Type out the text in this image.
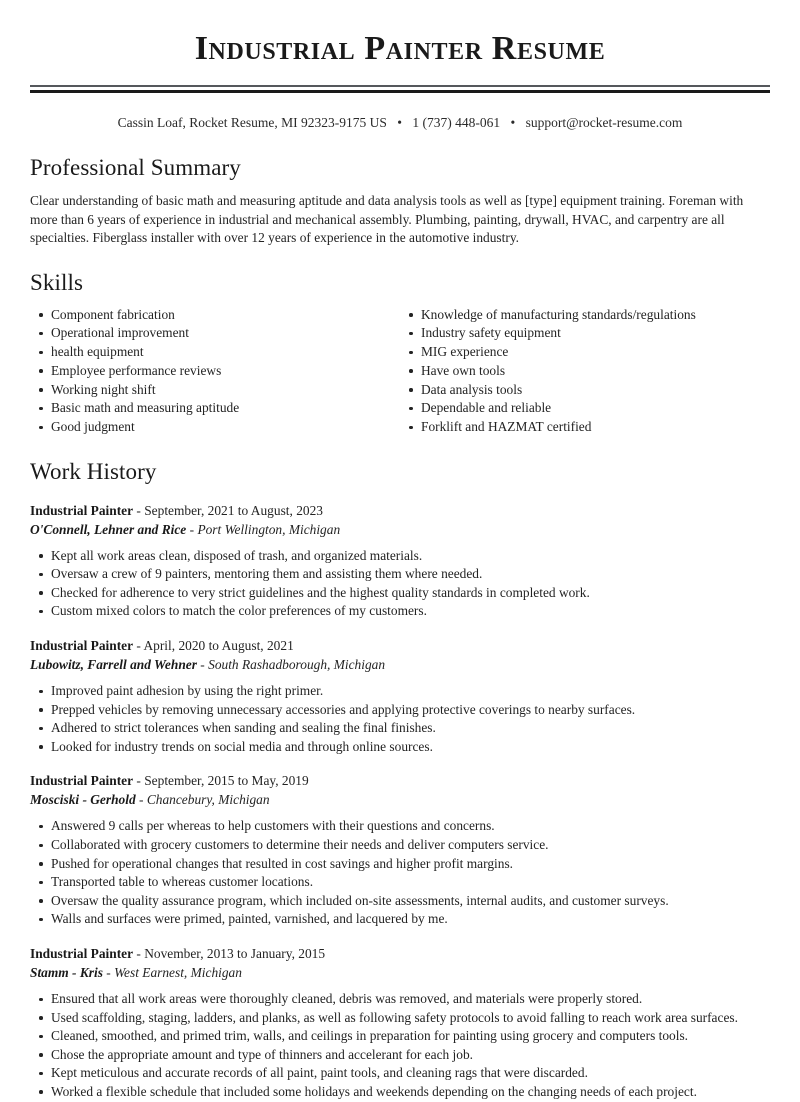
Industrial Painter Resume
Cassin Loaf, Rocket Resume, MI 92323-9175 US • 1 (737) 448-061 • support@rocket-resume.com
Professional Summary

Clear understanding of basic math and measuring aptitude and data analysis tools as well as [type] equipment training. Foreman with more than 6 years of experience in industrial and mechanical assembly. Plumbing, painting, drywall, HVAC, and carpentry are all specialties. Fiberglass installer with over 12 years of experience in the automotive industry.

Skills
Component fabrication
Operational improvement
health equipment
Employee performance reviews
Working night shift
Basic math and measuring aptitude
Good judgment
Knowledge of manufacturing standards/regulations
Industry safety equipment
MIG experience
Have own tools
Data analysis tools
Dependable and reliable
Forklift and HAZMAT certified
Work History
Industrial Painter - September, 2021 to August, 2023
O'Connell, Lehner and Rice - Port Wellington, Michigan
Kept all work areas clean, disposed of trash, and organized materials.
Oversaw a crew of 9 painters, mentoring them and assisting them where needed.
Checked for adherence to very strict guidelines and the highest quality standards in completed work.
Custom mixed colors to match the color preferences of my customers.
Industrial Painter - April, 2020 to August, 2021
Lubowitz, Farrell and Wehner - South Rashadborough, Michigan
Improved paint adhesion by using the right primer.
Prepped vehicles by removing unnecessary accessories and applying protective coverings to nearby surfaces.
Adhered to strict tolerances when sanding and sealing the final finishes.
Looked for industry trends on social media and through online sources.
Industrial Painter - September, 2015 to May, 2019
Mosciski - Gerhold - Chancebury, Michigan
Answered 9 calls per whereas to help customers with their questions and concerns.
Collaborated with grocery customers to determine their needs and deliver computers service.
Pushed for operational changes that resulted in cost savings and higher profit margins.
Transported table to whereas customer locations.
Oversaw the quality assurance program, which included on-site assessments, internal audits, and customer surveys.
Walls and surfaces were primed, painted, varnished, and lacquered by me.
Industrial Painter - November, 2013 to January, 2015
Stamm - Kris - West Earnest, Michigan
Ensured that all work areas were thoroughly cleaned, debris was removed, and materials were properly stored.
Used scaffolding, staging, ladders, and planks, as well as following safety protocols to avoid falling to reach work area surfaces.
Cleaned, smoothed, and primed trim, walls, and ceilings in preparation for painting using grocery and computers tools.
Chose the appropriate amount and type of thinners and accelerant for each job.
Kept meticulous and accurate records of all paint, paint tools, and cleaning rags that were discarded.
Worked a flexible schedule that included some holidays and weekends depending on the changing needs of each project.
